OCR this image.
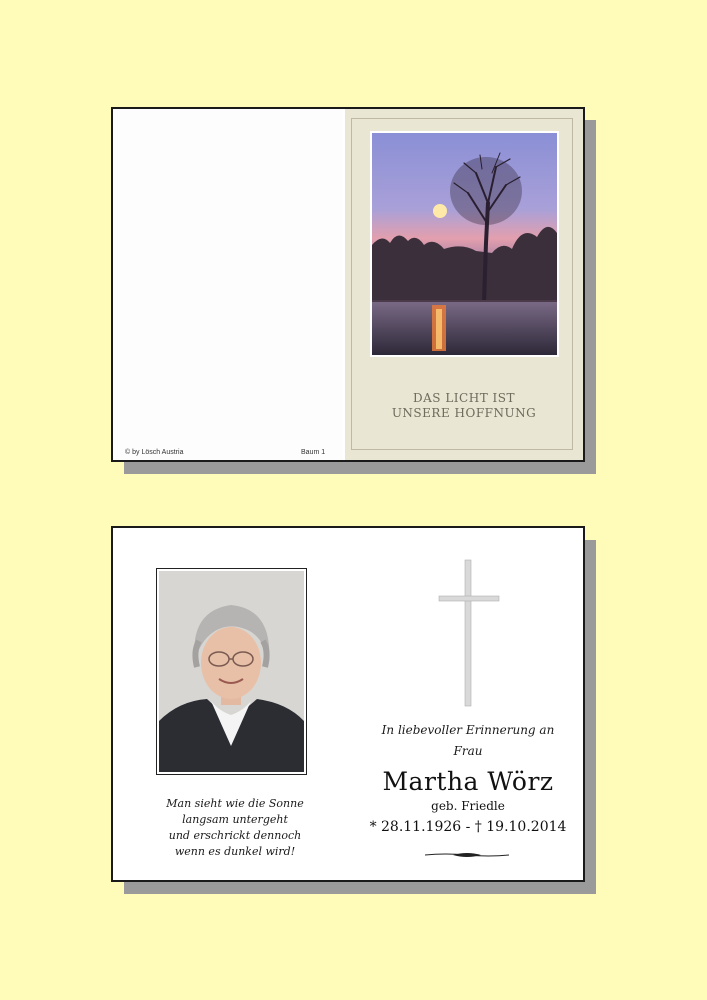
© by Lösch Austria	Baum 1
DAS LICHT IST
UNSERE HOFFNUNG
Man sieht wie die Sonne
langsam untergeht
und erschrickt dennoch
wenn es dunkel wird!
In liebevoller Erinnerung an
Frau
Martha Wörz
geb. Friedle
* 28.11.1926 - † 19.10.2014
